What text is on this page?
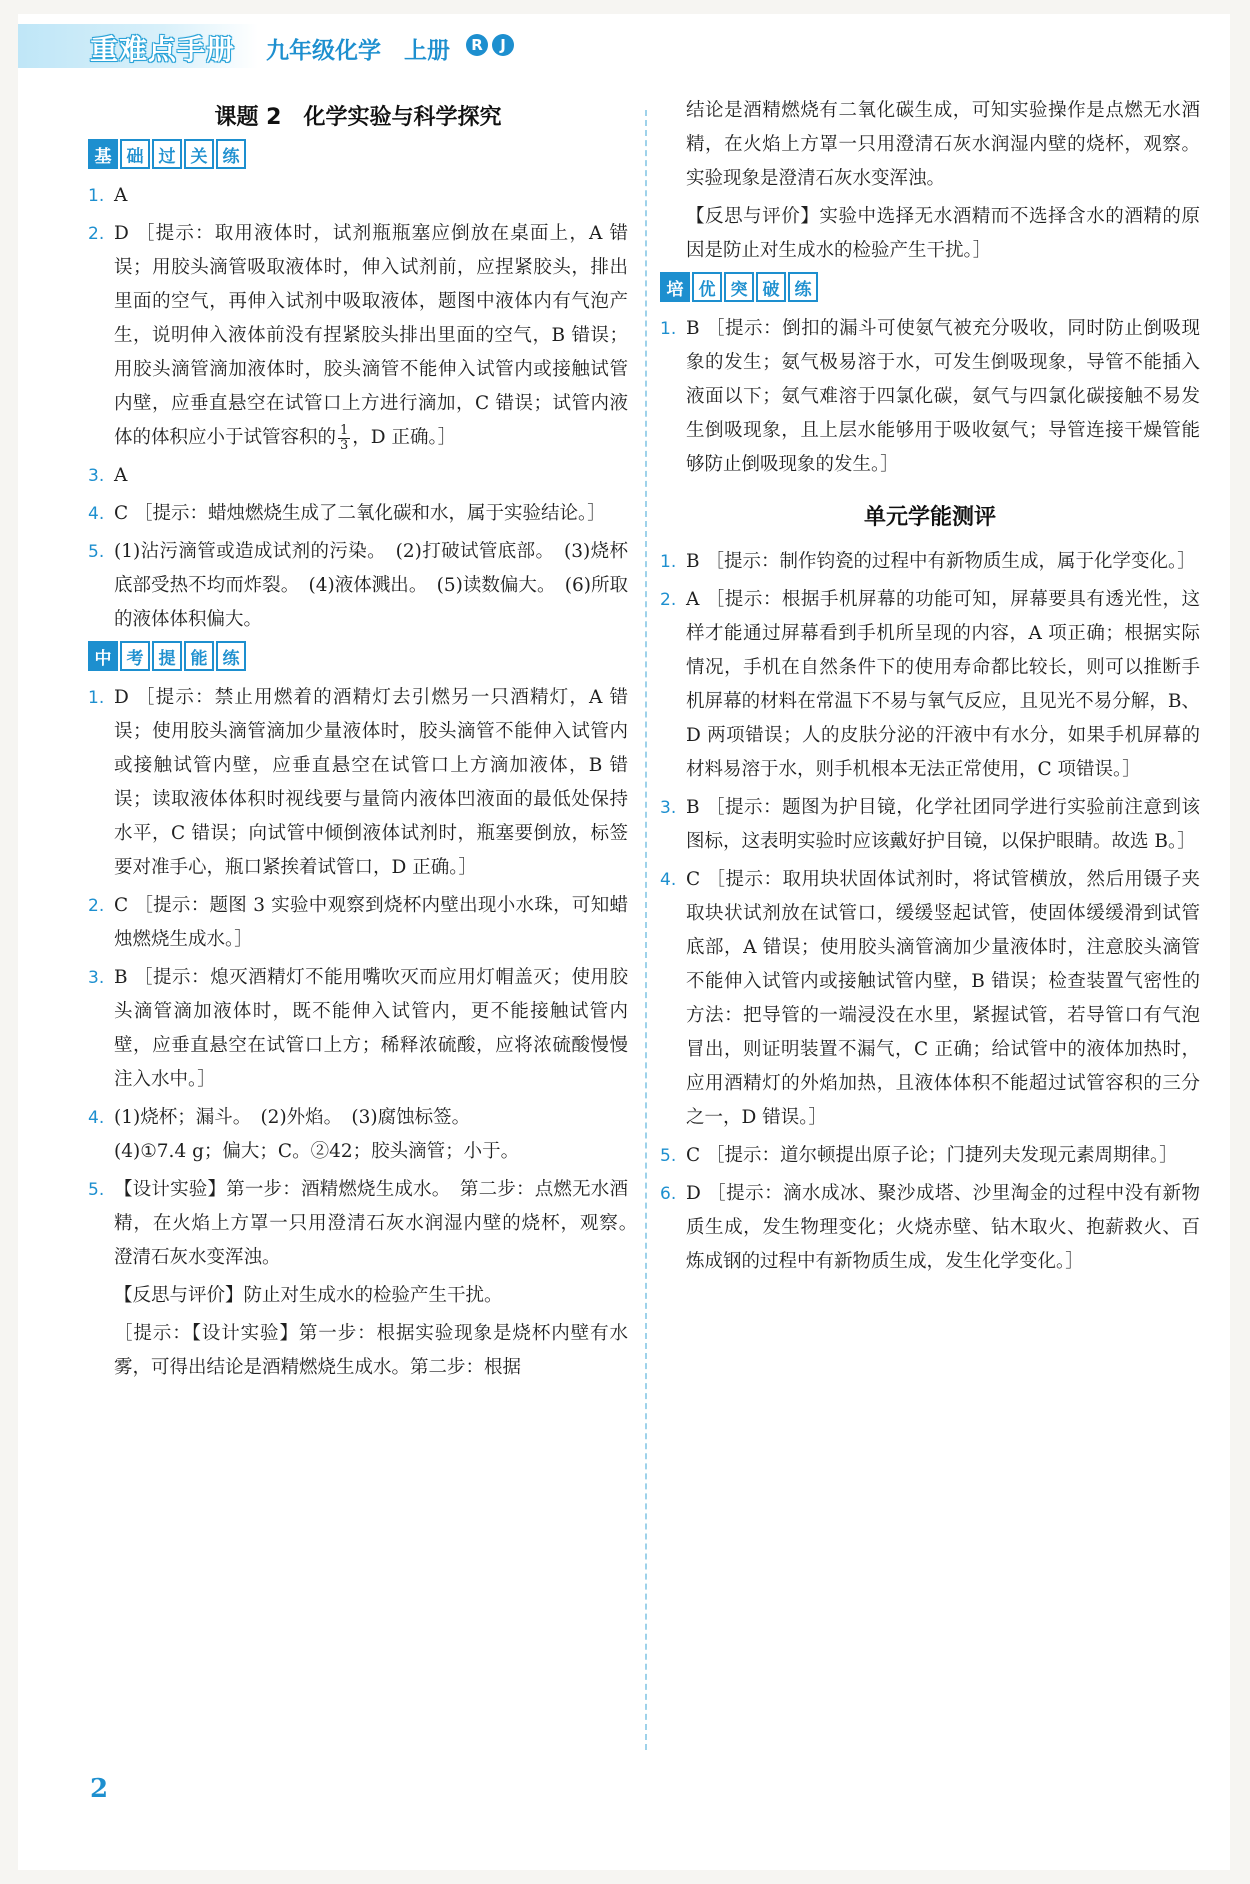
重难点手册 九年级化学　上册	R	J
课题 2　化学实验与科学探究
基 础 过 关 练
1. A
2. D ［提示：取用液体时，试剂瓶瓶塞应倒放在桌面上，A 错误；用胶头滴管吸取液体时，伸入试剂前，应捏紧胶头，排出里面的空气，再伸入试剂中吸取液体，题图中液体内有气泡产生，说明伸入液体前没有捏紧胶头排出里面的空气，B 错误；用胶头滴管滴加液体时，胶头滴管不能伸入试管内或接触试管内壁，应垂直悬空在试管口上方进行滴加，C 错误；试管内液体的体积应小于试管容积的 $\frac{1}{3}$ ，D 正确。］
3. A
4. C ［提示：蜡烛燃烧生成了二氧化碳和水，属于实验结论。］
5. (1)沾污滴管或造成试剂的污染。　(2)打破试管底部。　(3)烧杯底部受热不均而炸裂。　(4)液体溅出。　(5)读数偏大。　(6)所取的液体体积偏大。
中 考 提 能 练
1. D ［提示：禁止用燃着的酒精灯去引燃另一只酒精灯，A 错误；使用胶头滴管滴加少量液体时，胶头滴管不能伸入试管内或接触试管内壁，应垂直悬空在试管口上方滴加液体，B 错误；读取液体体积时视线要与量筒内液体凹液面的最低处保持水平，C 错误；向试管中倾倒液体试剂时，瓶塞要倒放，标签要对准手心，瓶口紧挨着试管口，D 正确。］
2. C ［提示：题图 3 实验中观察到烧杯内壁出现小水珠，可知蜡烛燃烧生成水。］
3. B ［提示：熄灭酒精灯不能用嘴吹灭而应用灯帽盖灭；使用胶头滴管滴加液体时，既不能伸入试管内，更不能接触试管内壁，应垂直悬空在试管口上方；稀释浓硫酸，应将浓硫酸慢慢注入水中。］
4. (1)烧杯；漏斗。　(2)外焰。　(3)腐蚀标签。
(4)①7.4 g；偏大；C。②42；胶头滴管；小于。
5. 【设计实验】第一步：酒精燃烧生成水。　第二步：点燃无水酒精，在火焰上方罩一只用澄清石灰水润湿内壁的烧杯，观察。　澄清石灰水变浑浊。
【反思与评价】防止对生成水的检验产生干扰。
［提示：【设计实验】第一步：根据实验现象是烧杯内壁有水雾，可得出结论是酒精燃烧生成水。第二步：根据
结论是酒精燃烧有二氧化碳生成，可知实验操作是点燃无水酒精，在火焰上方罩一只用澄清石灰水润湿内壁的烧杯，观察。实验现象是澄清石灰水变浑浊。
【反思与评价】实验中选择无水酒精而不选择含水的酒精的原因是防止对生成水的检验产生干扰。］
培 优 突 破 练
1. B ［提示：倒扣的漏斗可使氨气被充分吸收，同时防止倒吸现象的发生；氨气极易溶于水，可发生倒吸现象，导管不能插入液面以下；氨气难溶于四氯化碳，氨气与四氯化碳接触不易发生倒吸现象，且上层水能够用于吸收氨气；导管连接干燥管能够防止倒吸现象的发生。］
单元学能测评
1. B ［提示：制作钧瓷的过程中有新物质生成，属于化学变化。］
2. A ［提示：根据手机屏幕的功能可知，屏幕要具有透光性，这样才能通过屏幕看到手机所呈现的内容，A 项正确；根据实际情况，手机在自然条件下的使用寿命都比较长，则可以推断手机屏幕的材料在常温下不易与氧气反应，且见光不易分解，B、D 两项错误；人的皮肤分泌的汗液中有水分，如果手机屏幕的材料易溶于水，则手机根本无法正常使用，C 项错误。］
3. B ［提示：题图为护目镜，化学社团同学进行实验前注意到该图标，这表明实验时应该戴好护目镜，以保护眼睛。故选 B。］
4. C ［提示：取用块状固体试剂时，将试管横放，然后用镊子夹取块状试剂放在试管口，缓缓竖起试管，使固体缓缓滑到试管底部，A 错误；使用胶头滴管滴加少量液体时，注意胶头滴管不能伸入试管内或接触试管内壁，B 错误；检查装置气密性的方法：把导管的一端浸没在水里，紧握试管，若导管口有气泡冒出，则证明装置不漏气，C 正确；给试管中的液体加热时，应用酒精灯的外焰加热，且液体体积不能超过试管容积的三分之一，D 错误。］
5. C ［提示：道尔顿提出原子论；门捷列夫发现元素周期律。］
6. D ［提示：滴水成冰、聚沙成塔、沙里淘金的过程中没有新物质生成，发生物理变化；火烧赤壁、钻木取火、抱薪救火、百炼成钢的过程中有新物质生成，发生化学变化。］
2
